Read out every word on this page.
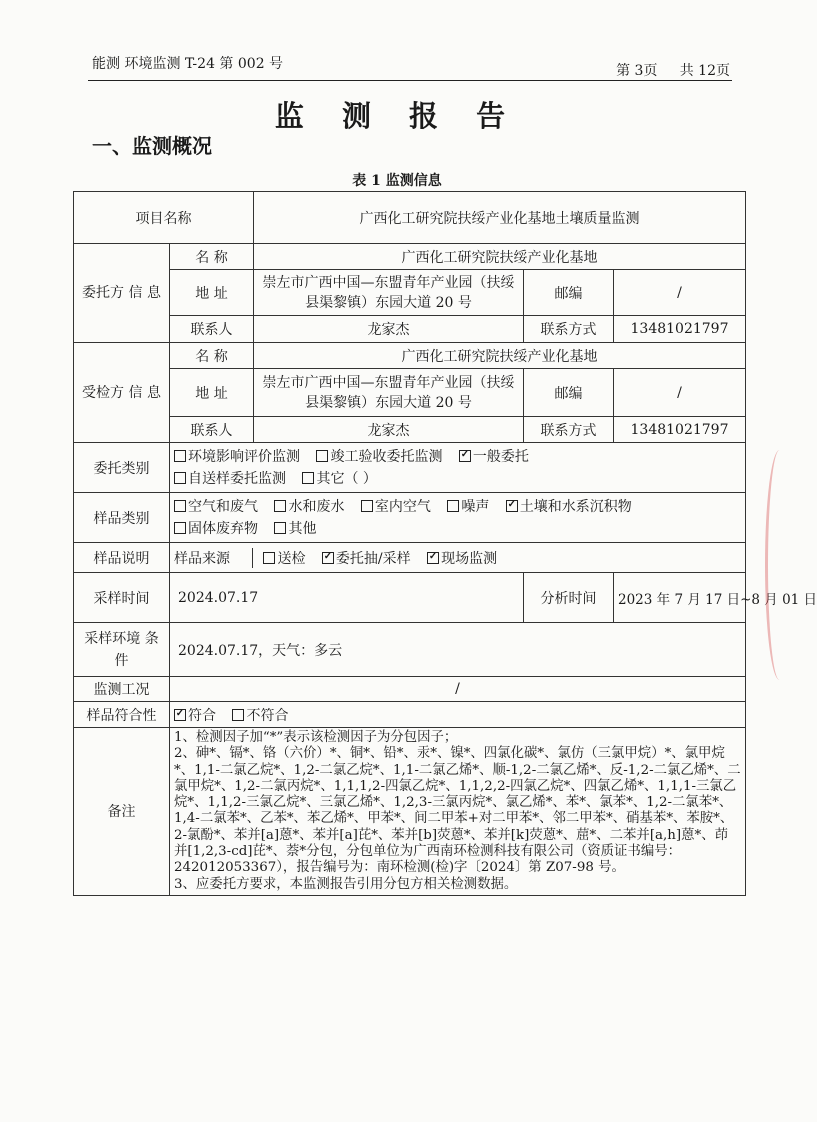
能测 环境监测 T-24 第 002 号	第 3页 共 12页
监 测 报 告
一、监测概况
表 1 监测信息
项目名称		广西化工研究院扶绥产业化基地土壤质量监测		
委托方 信 息	名 称	广西化工研究院扶绥产业化基地		
	地 址	崇左市广西中国—东盟青年产业园（扶绥县渠黎镇）东园大道 20 号	邮编	/
	联系人	龙家杰	联系方式	13481021797
受检方 信 息	名 称	广西化工研究院扶绥产业化基地		
	地 址	崇左市广西中国—东盟青年产业园（扶绥县渠黎镇）东园大道 20 号	邮编	/
	联系人	龙家杰	联系方式	13481021797
委托类别	环境影响评价监测 竣工验收委托监测 ✓ 一般委托
自送样委托监测 其它（ ）
样品类别	空气和废气 水和废水 室内空气 噪声 ✓ 土壤和水系沉积物
固体废弃物 其他
样品说明	样品来源 送检 ✓ 委托抽/采样 ✓ 现场监测
采样时间	2024.07.17		分析时间	2023 年 7 月 17 日~8 月 01 日
采样环境 条件	2024.07.17，天气：多云			
监测工况	/			
样品符合性	✓符合 不符合
备注	1、检测因子加“*”表示该检测因子为分包因子；
2、砷*、镉*、铬（六价）*、铜*、铅*、汞*、镍*、四氯化碳*、氯仿（三氯甲烷）*、氯甲烷*、1,1-二氯乙烷*、1,2-二氯乙烷*、1,1-二氯乙烯*、顺-1,2-二氯乙烯*、反-1,2-二氯乙烯*、二氯甲烷*、1,2-二氯丙烷*、1,1,1,2-四氯乙烷*、1,1,2,2-四氯乙烷*、四氯乙烯*、1,1,1-三氯乙烷*、1,1,2-三氯乙烷*、三氯乙烯*、1,2,3-三氯丙烷*、氯乙烯*、苯*、氯苯*、1,2-二氯苯*、1,4-二氯苯*、乙苯*、苯乙烯*、甲苯*、间二甲苯+对二甲苯*、邻二甲苯*、硝基苯*、苯胺*、2-氯酚*、苯并[a]蒽*、苯并[a]芘*、苯并[b]荧蒽*、苯并[k]荧蒽*、䓛*、二苯并[a,h]蒽*、茚并[1,2,3-cd]芘*、萘*分包，分包单位为广西南环检测科技有限公司（资质证书编号：242012053367），报告编号为：南环检测(检)字〔2024〕第 Z07-98 号。
3、应委托方要求，本监测报告引用分包方相关检测数据。			
